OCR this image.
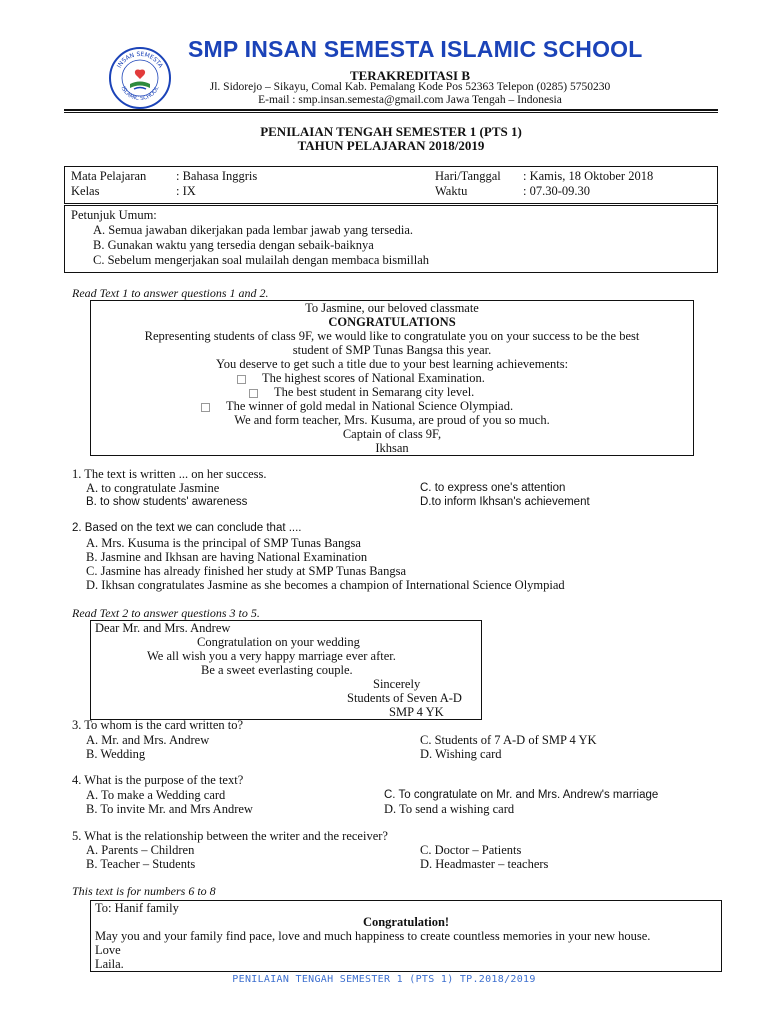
INSAN SEMESTA
ISLAMIC SCHOOL
SMP INSAN SEMESTA ISLAMIC SCHOOL
TERAKREDITASI B
Jl. Sidorejo – Sikayu, Comal Kab. Pemalang Kode Pos 52363 Telepon (0285) 5750230
E-mail : smp.insan.semesta@gmail.com Jawa Tengah – Indonesia
PENILAIAN TENGAH SEMESTER 1 (PTS 1)
TAHUN PELAJARAN 2018/2019
Mata Pelajaran : Bahasa Inggris
Kelas	: IX
Hari/Tanggal : Kamis, 18 Oktober 2018
Waktu	: 07.30-09.30
Petunjuk Umum:
A. Semua jawaban dikerjakan pada lembar jawab yang tersedia.
B. Gunakan waktu yang tersedia dengan sebaik-baiknya
C. Sebelum mengerjakan soal mulailah dengan membaca bismillah
Read Text 1 to answer questions 1 and 2.
To Jasmine, our beloved classmate
CONGRATULATIONS
Representing students of class 9F, we would like to congratulate you on your success to be the best
student of SMP Tunas Bangsa this year.
You deserve to get such a title due to your best learning achievements:
The highest scores of National Examination.
The best student in Semarang city level.
The winner of gold medal in National Science Olympiad.
We and form teacher, Mrs. Kusuma, are proud of you so much.
Captain of class 9F,
Ikhsan
1. The text is written ... on her success.
A. to congratulate Jasmine	C. to express one's attention
B. to show students' awareness	D.to inform Ikhsan's achievement
2. Based on the text we can conclude that ....
A. Mrs. Kusuma is the principal of SMP Tunas Bangsa
B. Jasmine and Ikhsan are having National Examination
C. Jasmine has already finished her study at SMP Tunas Bangsa
D. Ikhsan congratulates Jasmine as she becomes a champion of International Science Olympiad
Read Text 2 to answer questions 3 to 5.
Dear Mr. and Mrs. Andrew
Congratulation on your wedding
We all wish you a very happy marriage ever after.
Be a sweet everlasting couple.
Sincerely
Students of Seven A-D
SMP 4 YK
3. To whom is the card written to?
A. Mr. and Mrs. Andrew	C. Students of 7 A-D of SMP 4 YK
B. Wedding	D. Wishing card
4. What is the purpose of the text?
A. To make a Wedding card	C. To congratulate on Mr. and Mrs. Andrew's marriage
B. To invite Mr. and Mrs Andrew	D. To send a wishing card
5. What is the relationship between the writer and the receiver?
A. Parents – Children	C. Doctor – Patients
B. Teacher – Students	D. Headmaster – teachers
This text is for numbers 6 to 8
To: Hanif family
Congratulation!
May you and your family find pace, love and much happiness to create countless memories in your new house.
Love
Laila.
PENILAIAN TENGAH SEMESTER 1 (PTS 1) TP.2018/2019
